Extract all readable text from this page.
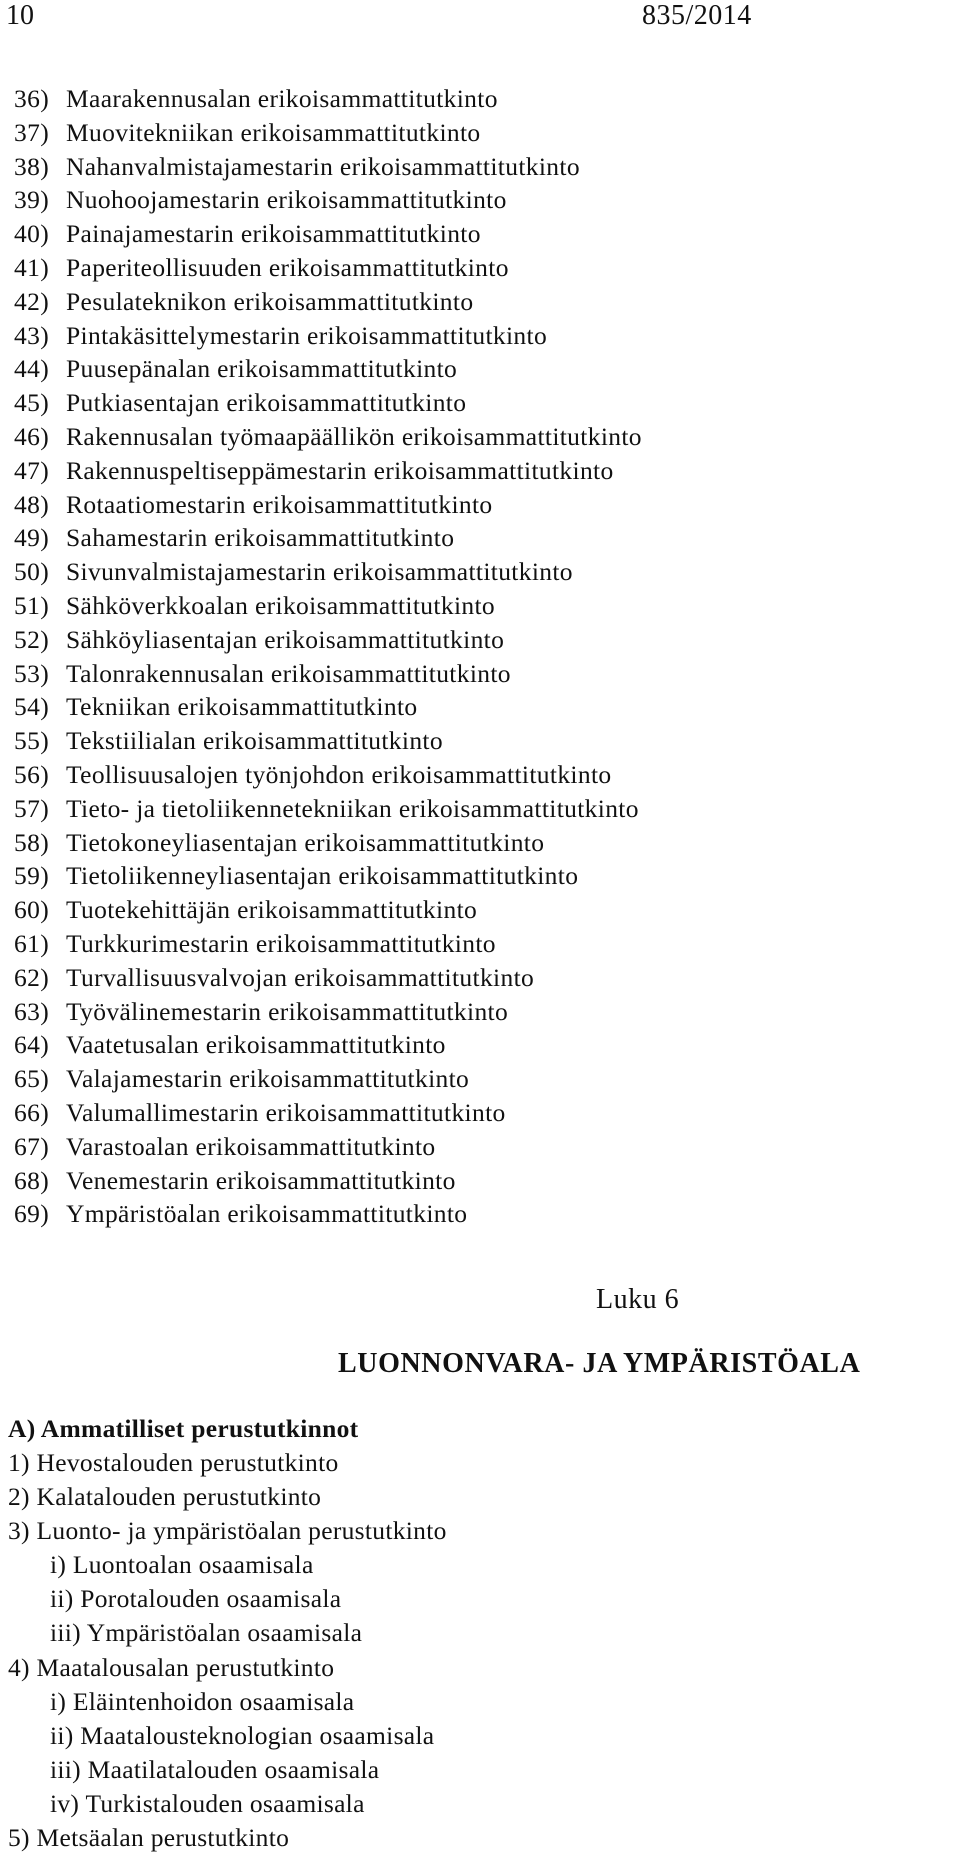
10	835/2014
36) Maarakennusalan erikoisammattitutkinto
37) Muovitekniikan erikoisammattitutkinto
38) Nahanvalmistajamestarin erikoisammattitutkinto
39) Nuohoojamestarin erikoisammattitutkinto
40) Painajamestarin erikoisammattitutkinto
41) Paperiteollisuuden erikoisammattitutkinto
42) Pesulateknikon erikoisammattitutkinto
43) Pintakäsittelymestarin erikoisammattitutkinto
44) Puusepänalan erikoisammattitutkinto
45) Putkiasentajan erikoisammattitutkinto
46) Rakennusalan työmaapäällikön erikoisammattitutkinto
47) Rakennuspeltiseppämestarin erikoisammattitutkinto
48) Rotaatiomestarin erikoisammattitutkinto
49) Sahamestarin erikoisammattitutkinto
50) Sivunvalmistajamestarin erikoisammattitutkinto
51) Sähköverkkoalan erikoisammattitutkinto
52) Sähköyliasentajan erikoisammattitutkinto
53) Talonrakennusalan erikoisammattitutkinto
54) Tekniikan erikoisammattitutkinto
55) Tekstiilialan erikoisammattitutkinto
56) Teollisuusalojen työnjohdon erikoisammattitutkinto
57) Tieto- ja tietoliikennetekniikan erikoisammattitutkinto
58) Tietokoneyliasentajan erikoisammattitutkinto
59) Tietoliikenneyliasentajan erikoisammattitutkinto
60) Tuotekehittäjän erikoisammattitutkinto
61) Turkkurimestarin erikoisammattitutkinto
62) Turvallisuusvalvojan erikoisammattitutkinto
63) Työvälinemestarin erikoisammattitutkinto
64) Vaatetusalan erikoisammattitutkinto
65) Valajamestarin erikoisammattitutkinto
66) Valumallimestarin erikoisammattitutkinto
67) Varastoalan erikoisammattitutkinto
68) Venemestarin erikoisammattitutkinto
69) Ympäristöalan erikoisammattitutkinto
Luku 6
LUONNONVARA- JA YMPÄRISTÖALA
A) Ammatilliset perustutkinnot
1) Hevostalouden perustutkinto
2) Kalatalouden perustutkinto
3) Luonto- ja ympäristöalan perustutkinto
i) Luontoalan osaamisala
ii) Porotalouden osaamisala
iii) Ympäristöalan osaamisala
4) Maatalousalan perustutkinto
i) Eläintenhoidon osaamisala
ii) Maatalousteknologian osaamisala
iii) Maatilatalouden osaamisala
iv) Turkistalouden osaamisala
5) Metsäalan perustutkinto
